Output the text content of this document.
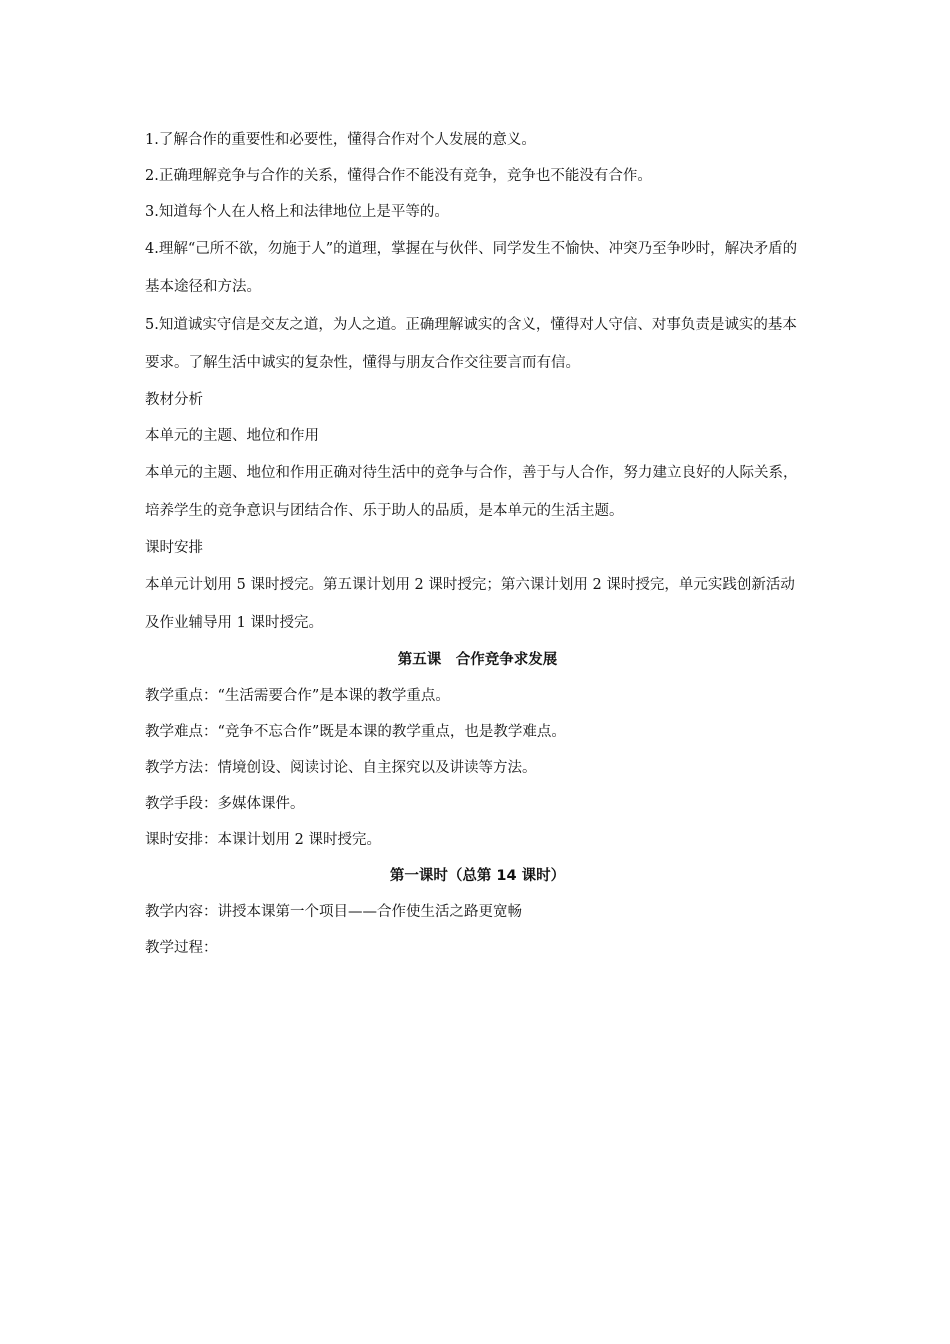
1.了解合作的重要性和必要性，懂得合作对个人发展的意义。

2.正确理解竞争与合作的关系，懂得合作不能没有竞争，竞争也不能没有合作。

3.知道每个人在人格上和法律地位上是平等的。

4.理解“己所不欲，勿施于人”的道理，掌握在与伙伴、同学发生不愉快、冲突乃至争吵时，解决矛盾的基本途径和方法。

5.知道诚实守信是交友之道，为人之道。正确理解诚实的含义，懂得对人守信、对事负责是诚实的基本要求。了解生活中诚实的复杂性，懂得与朋友合作交往要言而有信。

教材分析

本单元的主题、地位和作用

本单元的主题、地位和作用正确对待生活中的竞争与合作，善于与人合作，努力建立良好的人际关系，培养学生的竞争意识与团结合作、乐于助人的品质，是本单元的生活主题。

课时安排

本单元计划用 5 课时授完。第五课计划用 2 课时授完；第六课计划用 2 课时授完，单元实践创新活动 及作业辅导用 1 课时授完。

第五课　合作竞争求发展

教学重点：“生活需要合作”是本课的教学重点。

教学难点：“竞争不忘合作”既是本课的教学重点，也是教学难点。

教学方法：情境创设、阅读讨论、自主探究以及讲读等方法。

教学手段：多媒体课件。

课时安排：本课计划用 2 课时授完。

第一课时（总第 14 课时）

教学内容：讲授本课第一个项目——合作使生活之路更宽畅

教学过程：
